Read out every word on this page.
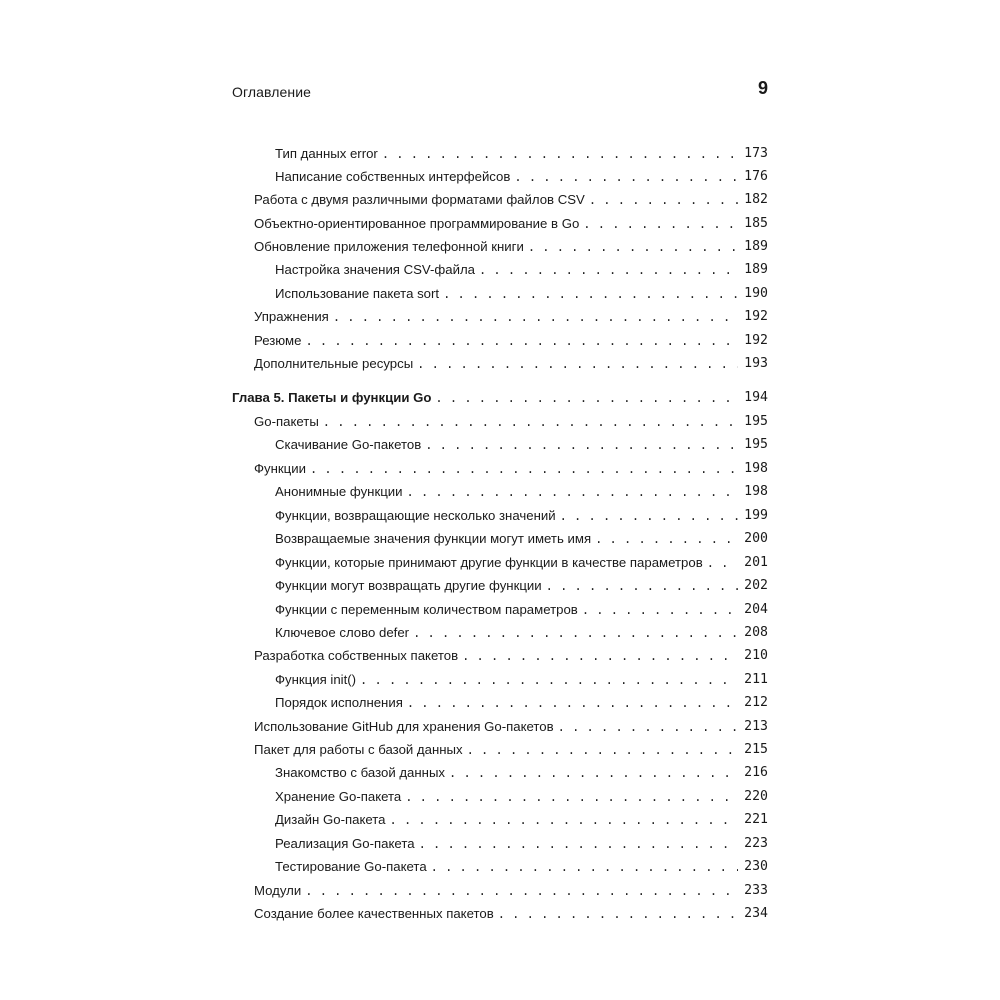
Оглавление	9
Тип данных error . . .	173
Написание собственных интерфейсов . . .	176
Работа с двумя различными форматами файлов CSV . . .	182
Объектно-ориентированное программирование в Go . . .	185
Обновление приложения телефонной книги . . .	189
Настройка значения CSV-файла . . .	189
Использование пакета sort . . .	190
Упражнения . . .	192
Резюме . . .	192
Дополнительные ресурсы . . .	193
Глава 5. Пакеты и функции Go . . .	194
Go-пакеты . . .	195
Скачивание Go-пакетов . . .	195
Функции . . .	198
Анонимные функции . . .	198
Функции, возвращающие несколько значений . . .	199
Возвращаемые значения функции могут иметь имя . . .	200
Функции, которые принимают другие функции в качестве параметров . . .	201
Функции могут возвращать другие функции . . .	202
Функции с переменным количеством параметров . . .	204
Ключевое слово defer . . .	208
Разработка собственных пакетов . . .	210
Функция init() . . .	211
Порядок исполнения . . .	212
Использование GitHub для хранения Go-пакетов . . .	213
Пакет для работы с базой данных . . .	215
Знакомство с базой данных . . .	216
Хранение Go-пакета . . .	220
Дизайн Go-пакета . . .	221
Реализация Go-пакета . . .	223
Тестирование Go-пакета . . .	230
Модули . . .	233
Создание более качественных пакетов . . .	234
